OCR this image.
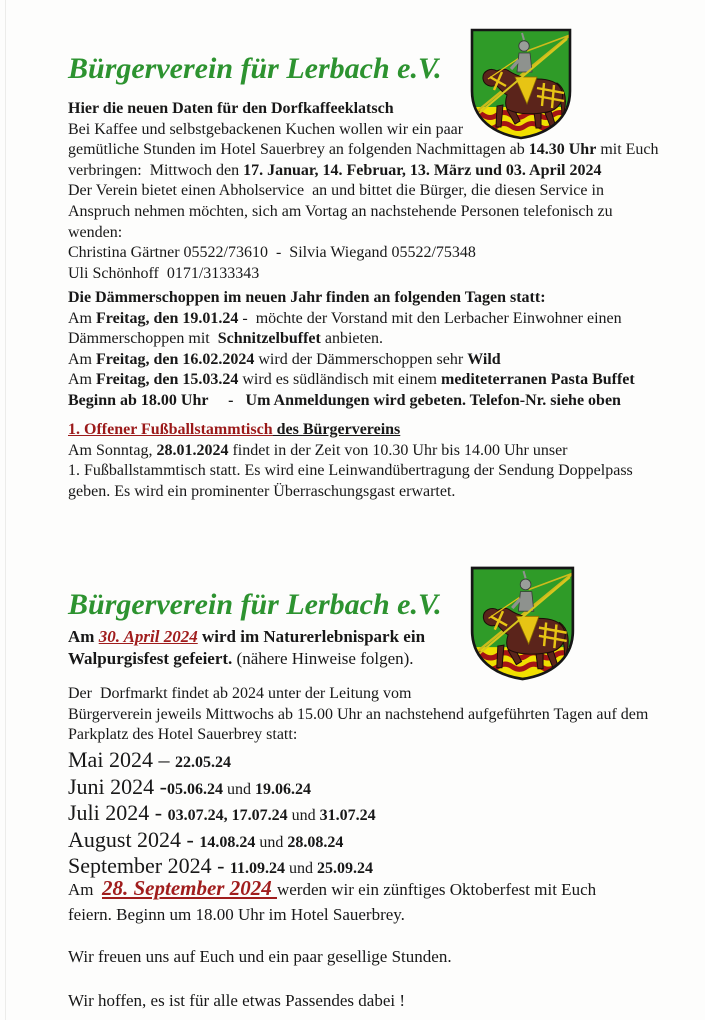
Bürgerverein für Lerbach e.V.
Hier die neuen Daten für den Dorfkaffeeklatsch
Bei Kaffee und selbstgebackenen Kuchen wollen wir ein paar
gemütliche Stunden im Hotel Sauerbrey an folgenden Nachmittagen ab 14.30 Uhr mit Euch
verbringen:  Mittwoch den 17. Januar, 14. Februar, 13. März und 03. April 2024
Der Verein bietet einen Abholservice  an und bittet die Bürger, die diesen Service in
Anspruch nehmen möchten, sich am Vortag an nachstehende Personen telefonisch zu
wenden:
Christina Gärtner 05522/73610  -  Silvia Wiegand 05522/75348
Uli Schönhoff  0171/3133343
Die Dämmerschoppen im neuen Jahr finden an folgenden Tagen statt:
Am Freitag, den 19.01.24 -  möchte der Vorstand mit den Lerbacher Einwohner einen
Dämmerschoppen mit  Schnitzelbuffet anbieten.
Am Freitag, den 16.02.2024 wird der Dämmerschoppen sehr Wild
Am Freitag, den 15.03.24 wird es südländisch mit einem mediteterranen Pasta Buffet
Beginn ab 18.00 Uhr     -   Um Anmeldungen wird gebeten. Telefon-Nr. siehe oben
1. Offener Fußballstammtisch des Bürgervereins
Am Sonntag, 28.01.2024 findet in der Zeit von 10.30 Uhr bis 14.00 Uhr unser
1. Fußballstammtisch statt. Es wird eine Leinwandübertragung der Sendung Doppelpass
geben. Es wird ein prominenter Überraschungsgast erwartet.
Bürgerverein für Lerbach e.V.
Am 30. April 2024 wird im Naturerlebnispark ein
Walpurgisfest gefeiert. (nähere Hinweise folgen).
Der  Dorfmarkt findet ab 2024 unter der Leitung vom
Bürgerverein jeweils Mittwochs ab 15.00 Uhr an nachstehend aufgeführten Tagen auf dem
Parkplatz des Hotel Sauerbrey statt:
Mai 2024 – 22.05.24
Juni 2024 -05.06.24 und 19.06.24
Juli 2024 - 03.07.24, 17.07.24 und 31.07.24
August 2024 - 14.08.24 und 28.08.24
September 2024 - 11.09.24 und 25.09.24
Am  28. September 2024 werden wir ein zünftiges Oktoberfest mit Euch
feiern. Beginn um 18.00 Uhr im Hotel Sauerbrey.
Wir freuen uns auf Euch und ein paar gesellige Stunden.
Wir hoffen, es ist für alle etwas Passendes dabei !
